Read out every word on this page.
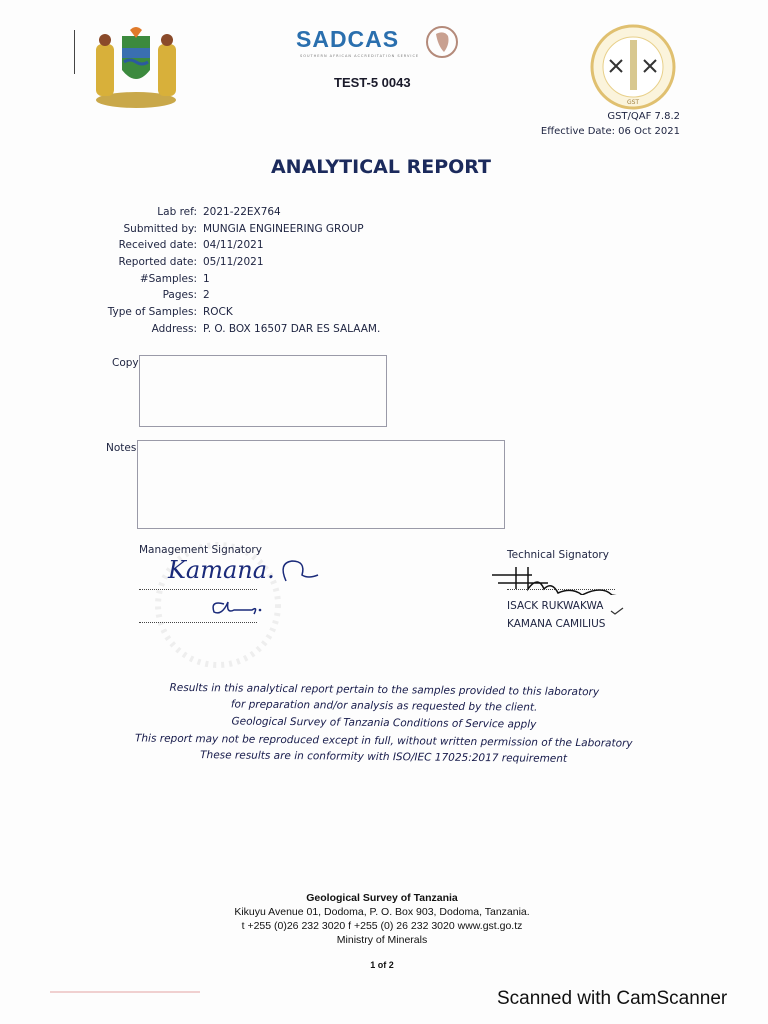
SADCAS
SOUTHERN AFRICAN ACCREDITATION SERVICE
TEST-5 0043
GST
GST/QAF 7.8.2
Effective Date: 06 Oct 2021
ANALYTICAL REPORT
Lab ref: 2021-22EX764
Submitted by: MUNGIA ENGINEERING GROUP
Received date: 04/11/2021
Reported date: 05/11/2021
#Samples: 1
Pages: 2
Type of Samples: ROCK
Address: P. O. BOX 16507 DAR ES SALAAM.
Copy
Notes
Management Signatory
Kamana.
Technical Signatory
ISACK RUKWAKWA
KAMANA CAMILIUS
Results in this analytical report pertain to the samples provided to this laboratory
for preparation and/or analysis as requested by the client.
Geological Survey of Tanzania Conditions of Service apply
This report may not be reproduced except in full, without written permission of the Laboratory
These results are in conformity with ISO/IEC 17025:2017 requirement
Geological Survey of Tanzania
Kikuyu Avenue 01, Dodoma, P. O. Box 903, Dodoma, Tanzania.
t +255 (0)26 232 3020 f +255 (0) 26 232 3020 www.gst.go.tz
Ministry of Minerals
1 of 2
Scanned with CamScanner
